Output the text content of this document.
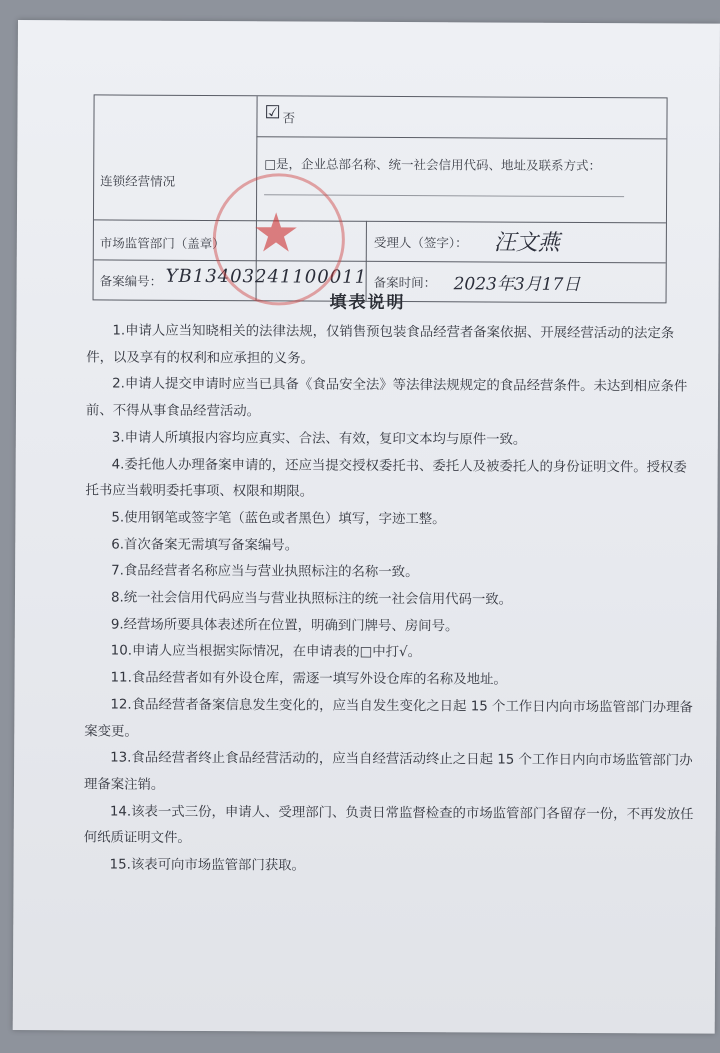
☑ 否
□是，企业总部名称、统一社会信用代码、地址及联系方式：
连锁经营情况
市场监管部门（盖章）	受理人（签字）： 汪文燕
备案编号： YB13403241100011 备案时间： 2023年3月17日
★
填表说明

1.申请人应当知晓相关的法律法规，仅销售预包装食品经营者备案依据、开展经营活动的法定条件，以及享有的权利和应承担的义务。

2.申请人提交申请时应当已具备《食品安全法》等法律法规规定的食品经营条件。未达到相应条件前、不得从事食品经营活动。

3.申请人所填报内容均应真实、合法、有效，复印文本均与原件一致。

4.委托他人办理备案申请的，还应当提交授权委托书、委托人及被委托人的身份证明文件。授权委托书应当载明委托事项、权限和期限。

5.使用钢笔或签字笔（蓝色或者黑色）填写，字迹工整。

6.首次备案无需填写备案编号。

7.食品经营者名称应当与营业执照标注的名称一致。

8.统一社会信用代码应当与营业执照标注的统一社会信用代码一致。

9.经营场所要具体表述所在位置，明确到门牌号、房间号。

10.申请人应当根据实际情况，在申请表的□中打√。

11.食品经营者如有外设仓库，需逐一填写外设仓库的名称及地址。

12.食品经营者备案信息发生变化的，应当自发生变化之日起 15 个工作日内向市场监管部门办理备案变更。

13.食品经营者终止食品经营活动的，应当自经营活动终止之日起 15 个工作日内向市场监管部门办理备案注销。

14.该表一式三份，申请人、受理部门、负责日常监督检查的市场监管部门各留存一份，不再发放任何纸质证明文件。

15.该表可向市场监管部门获取。
